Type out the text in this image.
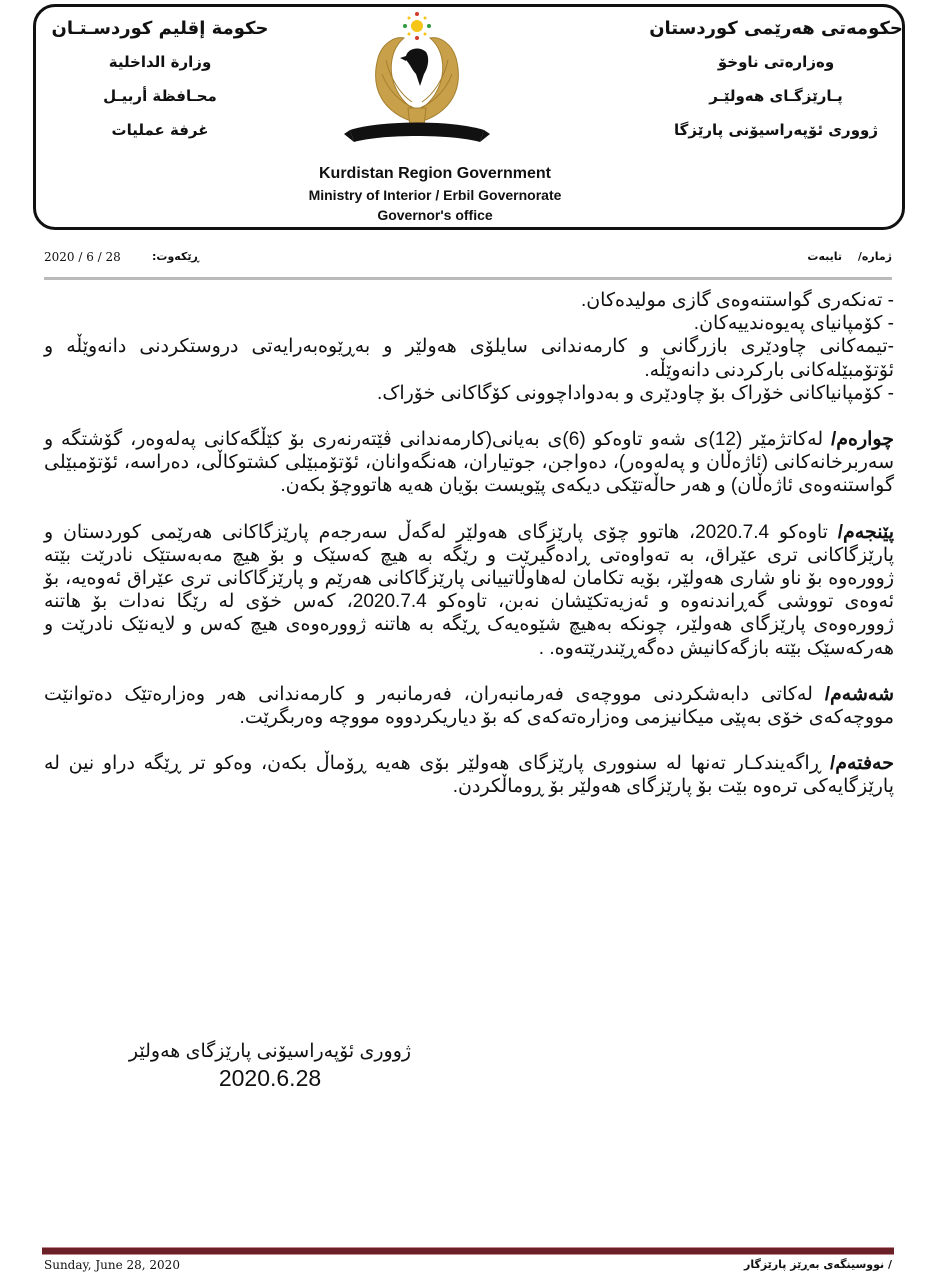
حكومة إقليم كوردسـتـان
وزارة الداخلية
محـافظة أربيـل
غرفة عمليات
حکومەتی هەرێمی کوردستان
وەزارەتی ناوخۆ
پـارێزگـای هەولێـر
ژووری ئۆپەراسیۆنی پارێزگا
Kurdistan Region Government
Ministry of Interior / Erbil Governorate
Governor's office
2020 / 6 / 28	ڕێکەوت:	ژمارە/ تایبەت

- تەنکەری گواستنەوەی گازی مولیدەکان.

- کۆمپانیای پەیوەندییەکان.

-تیمەکانی چاودێری بازرگانی و کارمەندانی سایلۆی هەولێر و بەڕێوەبەرایەتی دروستکردنی دانەوێڵە و ئۆتۆمبێلەکانی بارکردنی دانەوێڵە.

- کۆمپانیاکانی خۆراک بۆ چاودێری و بەدواداچوونی کۆگاکانی خۆراک.

چوارەم/ لەکاتژمێر (12)ی شەو تاوەکو (6)ی بەیانی(کارمەندانی ڤێتەرنەری بۆ کێڵگەکانی پەلەوەر، گۆشتگە و سەربرخانەکانی (ئاژەڵان و پەلەوەر)، دەواجن، جوتیاران، هەنگەوانان، ئۆتۆمبێلی کشتوکاڵی، دەراسە، ئۆتۆمبێلی گواستنەوەی ئاژەڵان) و هەر حاڵەتێکی دیکەی پێویست بۆیان هەیە هاتووچۆ بکەن.

پێنجەم/ تاوەکو 2020.7.4، هاتوو چۆی پارێزگای هەولێر لەگەڵ سەرجەم پارێزگاکانی هەرێمی کوردستان و پارێزگاکانی تری عێراق، بە تەواوەتی ڕادەگیرێت و رێگە بە هیچ کەسێک و بۆ هیچ مەبەستێک نادرێت بێتە ژوورەوە بۆ ناو شاری هەولێر، بۆیە تکامان لەهاوڵاتییانی پارێزگاکانی هەرێم و پارێزگاکانی تری عێراق ئەوەیە، بۆ ئەوەی تووشی گەڕاندنەوە و ئەزیەتکێشان نەبن، تاوەکو 2020.7.4، کەس خۆی لە رێگا نەدات بۆ هاتنە ژوورەوەی پارێزگای هەولێر، چونکە بەهیچ شێوەیەک ڕێگە بە هاتنە ژوورەوەی هیچ کەس و لایەنێک نادرێت و هەرکەسێک بێتە بازگەکانیش دەگەڕێندرێتەوە. .

شەشەم/ لەکاتی دابەشکردنی مووچەی فەرمانبەران، فەرمانبەر و کارمەندانی هەر وەزارەتێک دەتوانێت مووچەکەی خۆی بەپێی میکانیزمی وەزارەتەکەی کە بۆ دیاریکردووە مووچە وەربگرێت.

حەفتەم/ ڕاگەیندکـار تەنها لە سنووری پارێزگای هەولێر بۆی هەیە ڕۆماڵ بکەن، وەکو تر ڕێگە دراو نین لە پارێزگایەکی ترەوە بێت بۆ پارێزگای هەولێر بۆ ڕوماڵکردن.

ژووری ئۆپەراسیۆنی پارێزگای هەولێر
2020.6.28
Sunday, June 28, 2020	/ نووسینگەی بەڕێز پارێزگار
